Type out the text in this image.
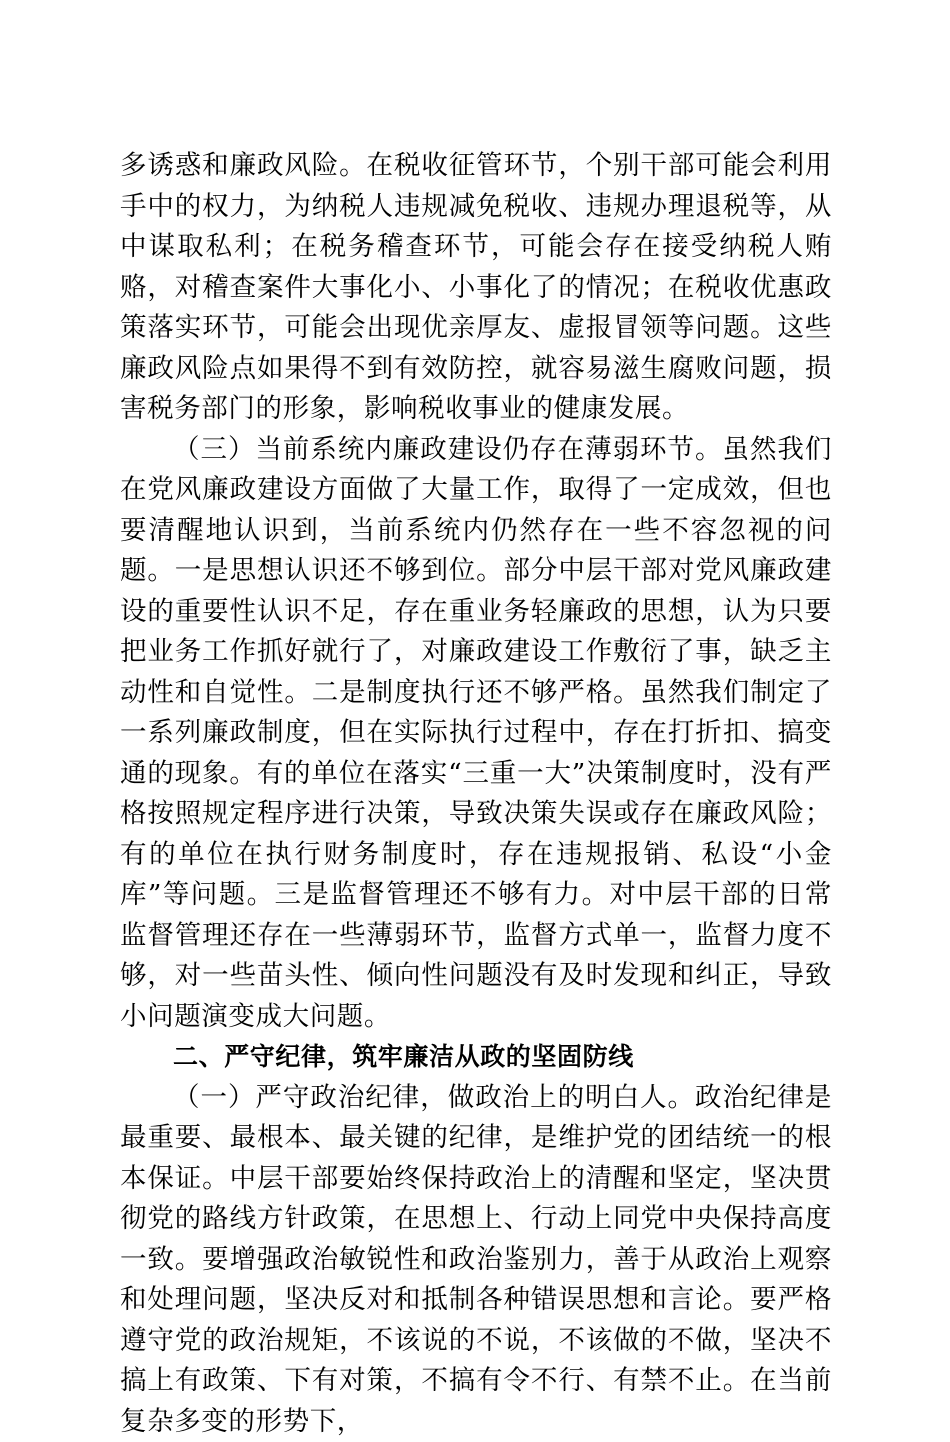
多诱惑和廉政风险。在税收征管环节，个别干部可能会利用手中的权力，为纳税人违规减免税收、违规办理退税等，从中谋取私利；在税务稽查环节，可能会存在接受纳税人贿赂，对稽查案件大事化小、小事化了的情况；在税收优惠政策落实环节，可能会出现优亲厚友、虚报冒领等问题。这些廉政风险点如果得不到有效防控，就容易滋生腐败问题，损害税务部门的形象，影响税收事业的健康发展。

（三）当前系统内廉政建设仍存在薄弱环节。虽然我们在党风廉政建设方面做了大量工作，取得了一定成效，但也要清醒地认识到，当前系统内仍然存在一些不容忽视的问题。一是思想认识还不够到位。部分中层干部对党风廉政建设的重要性认识不足，存在重业务轻廉政的思想，认为只要把业务工作抓好就行了，对廉政建设工作敷衍了事，缺乏主动性和自觉性。二是制度执行还不够严格。虽然我们制定了一系列廉政制度，但在实际执行过程中，存在打折扣、搞变通的现象。有的单位在落实“三重一大”决策制度时，没有严格按照规定程序进行决策，导致决策失误或存在廉政风险；有的单位在执行财务制度时，存在违规报销、私设“小金库”等问题。三是监督管理还不够有力。对中层干部的日常监督管理还存在一些薄弱环节，监督方式单一，监督力度不够，对一些苗头性、倾向性问题没有及时发现和纠正，导致小问题演变成大问题。

二、严守纪律，筑牢廉洁从政的坚固防线

（一）严守政治纪律，做政治上的明白人。政治纪律是最重要、最根本、最关键的纪律，是维护党的团结统一的根本保证。中层干部要始终保持政治上的清醒和坚定，坚决贯彻党的路线方针政策，在思想上、行动上同党中央保持高度一致。要增强政治敏锐性和政治鉴别力，善于从政治上观察和处理问题，坚决反对和抵制各种错误思想和言论。要严格遵守党的政治规矩，不该说的不说，不该做的不做，坚决不搞上有政策、下有对策，不搞有令不行、有禁不止。在当前复杂多变的形势下，
